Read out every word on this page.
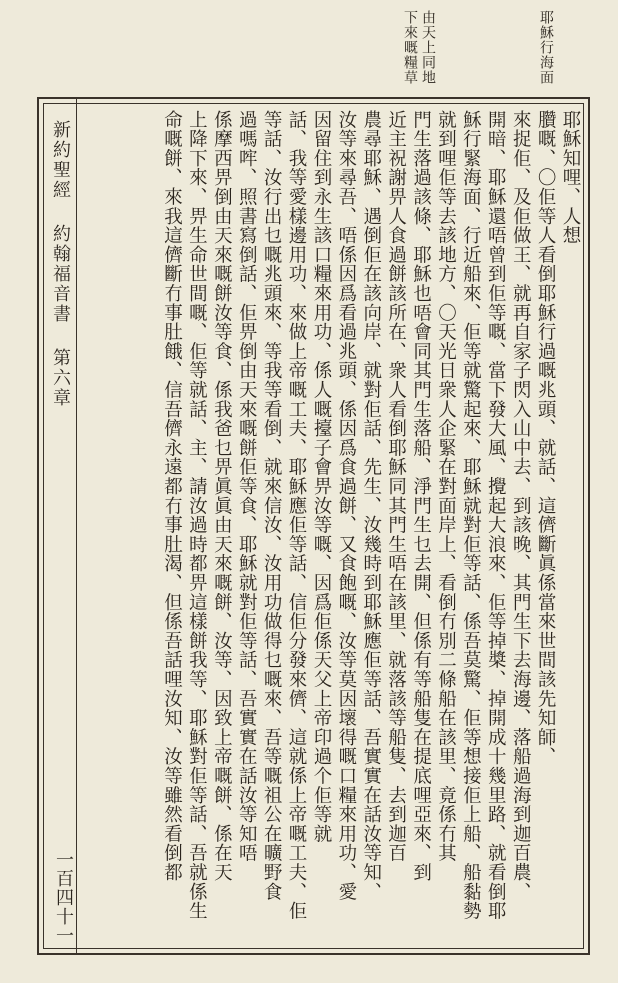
耶穌行海面
由天上同地
下來嘅糧草
耶穌知哩、人想
臢嘅、〇佢等人看倒耶穌行過嘅兆頭、就話、這儕斷眞係當來世間該先知師、
來捉佢、及佢做王、就再自家子閃入山中去、到該晚、其門生下去海邊、落船過海到迦百農、
開暗、耶穌還唔曾到佢等嘅、當下發大風、攪起大浪來、佢等掉槳、掉開成十幾里路、就看倒耶
穌行緊海面、行近船來、佢等就驚起來、耶穌就對佢等話、係吾莫驚、佢等想接佢上船、船黏勢
就到哩佢等去該地方、〇天光日衆人企緊在對面岸上、看倒冇別二條船在該里、竟係冇其
門生落過該條、耶穌也唔會同其門生落船、淨門生乜去開、但係有等船隻在提底哩亞來、到
近主祝謝畀人食過餅該所在、衆人看倒耶穌同其門生唔在該里、就落該等船隻、去到迦百
農尋耶穌、遇倒佢在該向岸、就對佢話、先生、汝幾時到耶穌應佢等話、吾實實在話汝等知、
汝等來尋吾、唔係因爲看過兆頭、係因爲食過餅、又食飽嘅、汝等莫因壞得嘅口糧來用功、愛
因留住到永生該口糧來用功、係人嘅擡子會畀汝等嘅、因爲佢係天父上帝印過个佢等就
話、我等愛樣邊用功、來做上帝嘅工夫、耶穌應佢等話、信佢分發來儕、這就係上帝嘅工夫、佢
等話、汝行出乜嘅兆頭來、等我等看倒、就來信汝、汝用功做得乜嘅來、吾等嘅祖公在曠野食
過嗎哰、照書寫倒話、佢畀倒由天來嘅餅佢等食、耶穌就對佢等話、吾實實在話汝等知唔
係摩西畀倒由天來嘅餅汝等食、係我爸乜畀眞眞由天來嘅餅、汝等、因致上帝嘅餅、係在天
上降下來、畀生命世間嘅、佢等就話、主、請汝過時都畀這樣餅我等、耶穌對佢等話、吾就係生
命嘅餅、來我這儕斷冇事肚餓、信吾儕永遠都冇事肚渴、但係吾話哩汝知、汝等雖然看倒都
新約聖經約翰福音書第六章
一百四十一
